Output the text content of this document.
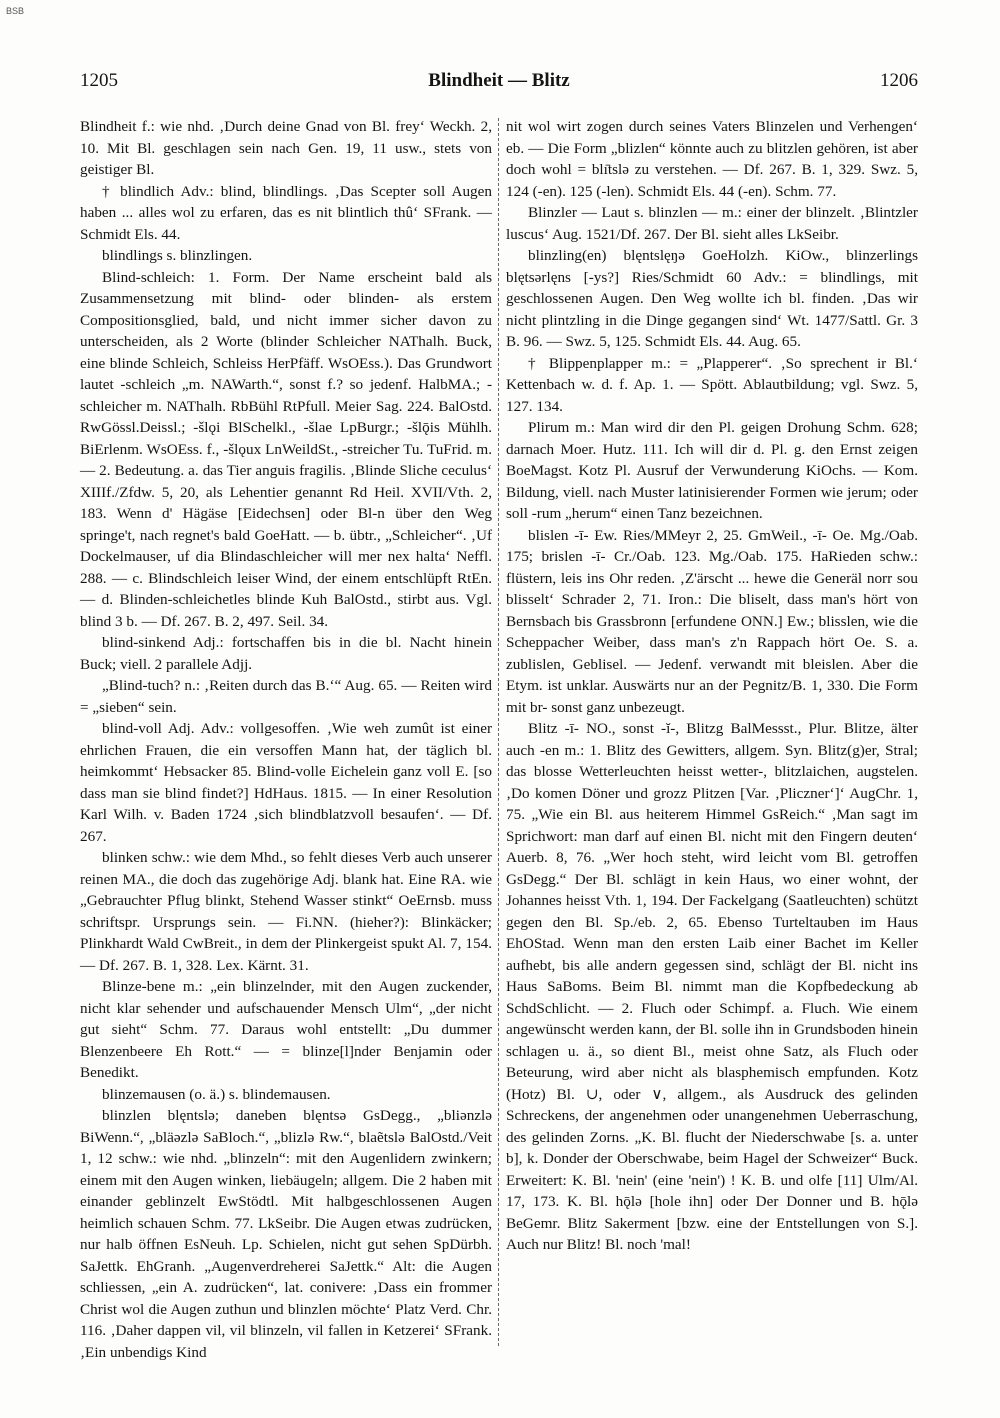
BSB
1205	Blindheit — Blitz	1206

Blindheit f.: wie nhd. ‚Durch deine Gnad von Bl. frey‘ Weckh. 2, 10. Mit Bl. geschlagen sein nach Gen. 19, 11 usw., stets von geistiger Bl.

† blindlich Adv.: blind, blindlings. ‚Das Scepter soll Augen haben ... alles wol zu erfaren, das es nit blintlich thû‘ SFrank. — Schmidt Els. 44.

blindlings s. blinzlingen.

Blind-schleich: 1. Form. Der Name erscheint bald als Zusammensetzung mit blind- oder blinden- als erstem Compositionsglied, bald, und nicht immer sicher davon zu unterscheiden, als 2 Worte (blinder Schleicher NAThalh. Buck, eine blinde Schleich, Schleiss HerPfäff. WsOEss.). Das Grundwort lautet -schleich „m. NAWarth.“, sonst f.? so jedenf. HalbMA.; -schleicher m. NAThalh. RbBühl RtPfull. Meier Sag. 224. BalOstd. RwGössl.Deissl.; -šlǫi BlSchelkl., -šlae LpBurgr.; -šlǭis Mühlh. BiErlenm. WsOEss. f., -šlǫux LnWeildSt., -streicher Tu. TuFrid. m. — 2. Bedeutung. a. das Tier anguis fragilis. ‚Blinde Sliche ceculus‘ XIIIf./Zfdw. 5, 20, als Lehentier genannt Rd Heil. XVII/Vth. 2, 183. Wenn d' Hägäse [Eidechsen] oder Bl-n über den Weg springe't, nach regnet's bald GoeHatt. — b. übtr., „Schleicher“. ‚Uf Dockelmauser, uf dia Blindaschleicher will mer nex halta‘ Neffl. 288. — c. Blindschleich leiser Wind, der einem entschlüpft RtEn. — d. Blinden-schleichetles blinde Kuh BalOstd., stirbt aus. Vgl. blind 3 b. — Df. 267. B. 2, 497. Seil. 34.

blind-sinkend Adj.: fortschaffen bis in die bl. Nacht hinein Buck; viell. 2 parallele Adjj.

„Blind-tuch? n.: ‚Reiten durch das B.‘“ Aug. 65. — Reiten wird = „sieben“ sein.

blind-voll Adj. Adv.: vollgesoffen. ‚Wie weh zumût ist einer ehrlichen Frauen, die ein versoffen Mann hat, der täglich bl. heimkommt‘ Hebsacker 85. Blind-volle Eichelein ganz voll E. [so dass man sie blind findet?] HdHaus. 1815. — In einer Resolution Karl Wilh. v. Baden 1724 ‚sich blindblatzvoll besaufen‘. — Df. 267.

blinken schw.: wie dem Mhd., so fehlt dieses Verb auch unserer reinen MA., die doch das zugehörige Adj. blank hat. Eine RA. wie „Gebrauchter Pflug blinkt, Stehend Wasser stinkt“ OeErnsb. muss schriftspr. Ursprungs sein. — Fi.NN. (hieher?): Blinkäcker; Plinkhardt Wald CwBreit., in dem der Plinkergeist spukt Al. 7, 154. — Df. 267. B. 1, 328. Lex. Kärnt. 31.

Blinze-bene m.: „ein blinzelnder, mit den Augen zuckender, nicht klar sehender und aufschauender Mensch Ulm“, „der nicht gut sieht“ Schm. 77. Daraus wohl entstellt: „Du dummer Blenzenbeere Eh Rott.“ — = blinze[l]nder Benjamin oder Benedikt.

blinzemausen (o. ä.) s. blindemausen.

blinzlen blęntslə; daneben blęntsə GsDegg., „bliənzlə BiWenn.“, „bläəzlə SaBloch.“, „blizlə Rw.“, blaẽtslə BalOstd./Veit 1, 12 schw.: wie nhd. „blinzeln“: mit den Augenlidern zwinkern; einem mit den Augen winken, liebäugeln; allgem. Die 2 haben mit einander geblinzelt EwStödtl. Mit halbgeschlossenen Augen heimlich schauen Schm. 77. LkSeibr. Die Augen etwas zudrücken, nur halb öffnen EsNeuh. Lp. Schielen, nicht gut sehen SpDürbh. SaJettk. EhGranh. „Augenverdreherei SaJettk.“ Alt: die Augen schliessen, „ein A. zudrücken“, lat. conivere: ‚Dass ein frommer Christ wol die Augen zuthun und blinzlen möchte‘ Platz Verd. Chr. 116. ‚Daher dappen vil, vil blinzeln, vil fallen in Ketzerei‘ SFrank. ‚Ein unbendigs Kind

nit wol wirt zogen durch seines Vaters Blinzelen und Verhengen‘ eb. — Die Form „blizlen“ könnte auch zu blitzlen gehören, ist aber doch wohl = blı̄tslə zu verstehen. — Df. 267. B. 1, 329. Swz. 5, 124 (-en). 125 (-len). Schmidt Els. 44 (-en). Schm. 77.

Blinzler — Laut s. blinzlen — m.: einer der blinzelt. ‚Blintzler luscus‘ Aug. 1521/Df. 267. Der Bl. sieht alles LkSeibr.

blinzling(en) blęntslęŋə GoeHolzh. KiOw., blinzerlings blętsərlęns [-ys?] Ries/Schmidt 60 Adv.: = blindlings, mit geschlossenen Augen. Den Weg wollte ich bl. finden. ‚Das wir nicht plintzling in die Dinge gegangen sind‘ Wt. 1477/Sattl. Gr. 3 B. 96. — Swz. 5, 125. Schmidt Els. 44. Aug. 65.

† Blippenplapper m.: = „Plapperer“. ‚So sprechent ir Bl.‘ Kettenbach w. d. f. Ap. 1. — Spött. Ablautbildung; vgl. Swz. 5, 127. 134.

Plirum m.: Man wird dir den Pl. geigen Drohung Schm. 628; darnach Moer. Hutz. 111. Ich will dir d. Pl. g. den Ernst zeigen BoeMagst. Kotz Pl. Ausruf der Verwunderung KiOchs. — Kom. Bildung, viell. nach Muster latinisierender Formen wie jerum; oder soll -rum „herum“ einen Tanz bezeichnen.

blislen -ī- Ew. Ries/MMeyr 2, 25. GmWeil., -ī- Oe. Mg./Oab. 175; brislen -ī- Cr./Oab. 123. Mg./Oab. 175. HaRieden schw.: flüstern, leis ins Ohr reden. ‚Z'ärscht ... hewe die Generäl norr sou blisselt‘ Schrader 2, 71. Iron.: Die bliselt, dass man's hört von Bernsbach bis Grassbronn [erfundene ONN.] Ew.; blisslen, wie die Scheppacher Weiber, dass man's z'n Rappach hört Oe. S. a. zublislen, Geblisel. — Jedenf. verwandt mit bleislen. Aber die Etym. ist unklar. Auswärts nur an der Pegnitz/B. 1, 330. Die Form mit br- sonst ganz unbezeugt.

Blitz -ī- NO., sonst -ĭ-, Blitzg BalMessst., Plur. Blitze, älter auch -en m.: 1. Blitz des Gewitters, allgem. Syn. Blitz(g)er, Stral; das blosse Wetterleuchten heisst wetter-, blitzlaichen, augstelen. ‚Do komen Döner und grozz Plitzen [Var. ‚Pliczner‘]‘ AugChr. 1, 75. „Wie ein Bl. aus heiterem Himmel GsReich.“ ‚Man sagt im Sprichwort: man darf auf einen Bl. nicht mit den Fingern deuten‘ Auerb. 8, 76. „Wer hoch steht, wird leicht vom Bl. getroffen GsDegg.“ Der Bl. schlägt in kein Haus, wo einer wohnt, der Johannes heisst Vth. 1, 194. Der Fackelgang (Saatleuchten) schützt gegen den Bl. Sp./eb. 2, 65. Ebenso Turteltauben im Haus EhOStad. Wenn man den ersten Laib einer Bachet im Keller aufhebt, bis alle andern gegessen sind, schlägt der Bl. nicht ins Haus SaBoms. Beim Bl. nimmt man die Kopfbedeckung ab SchdSchlicht. — 2. Fluch oder Schimpf. a. Fluch. Wie einem angewünscht werden kann, der Bl. solle ihn in Grundsboden hinein schlagen u. ä., so dient Bl., meist ohne Satz, als Fluch oder Beteurung, wird aber nicht als blasphemisch empfunden. Kotz (Hotz) Bl. ∪, oder ∨, allgem., als Ausdruck des gelinden Schreckens, der angenehmen oder unangenehmen Ueberraschung, des gelinden Zorns. „K. Bl. flucht der Niederschwabe [s. a. unter b], k. Donder der Oberschwabe, beim Hagel der Schweizer“ Buck. Erweitert: K. Bl. 'nein' (eine 'nein') ! K. B. und olfe [11] Ulm/Al. 17, 173. K. Bl. hǭlə [hole ihn] oder Der Donner und B. hǭlə BeGemr. Blitz Sakerment [bzw. eine der Entstellungen von S.]. Auch nur Blitz! Bl. noch 'mal!
